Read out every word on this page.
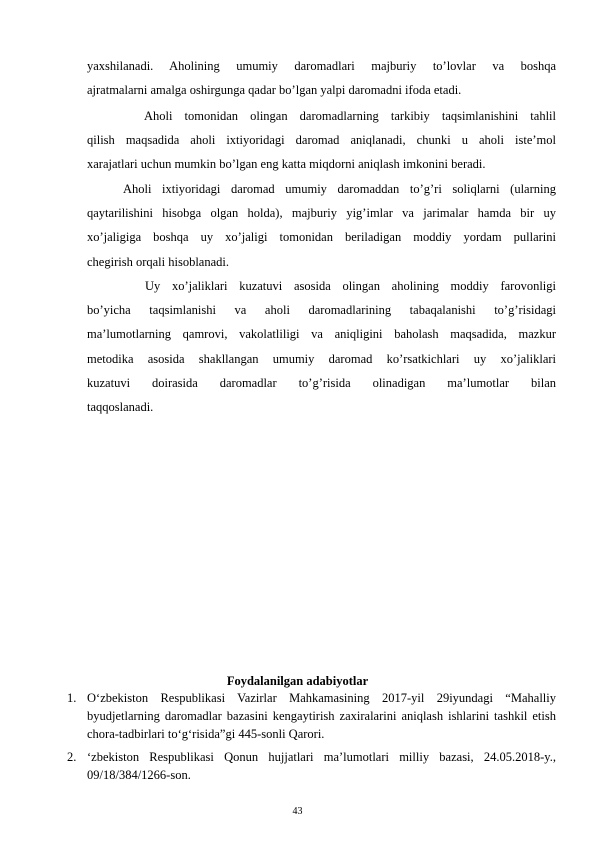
yaxshilanadi. Aholining umumiy daromadlari majburiy to’lovlar va boshqa
ajratmalarni amalga oshirgunga qadar bo’lgan yalpi daromadni ifoda etadi.
Aholi tomonidan olingan daromadlarning tarkibiy taqsimlanishini tahlil
qilish maqsadida aholi ixtiyoridagi daromad aniqlanadi, chunki u aholi iste’mol
xarajatlari uchun mumkin bo’lgan eng katta miqdorni aniqlash imkonini beradi.
Aholi ixtiyoridagi daromad umumiy daromaddan to’g’ri soliqlarni (ularning
qaytarilishini hisobga olgan holda), majburiy yig’imlar va jarimalar hamda bir uy
xo’jaligiga boshqa uy xo’jaligi tomonidan beriladigan moddiy yordam pullarini
chegirish orqali hisoblanadi.
Uy xo’jaliklari kuzatuvi asosida olingan aholining moddiy farovonligi
bo’yicha taqsimlanishi va aholi daromadlarining tabaqalanishi to’g’risidagi
ma’lumotlarning qamrovi, vakolatliligi va aniqligini baholash maqsadida, mazkur
metodika asosida shakllangan umumiy daromad ko’rsatkichlari uy xo’jaliklari
kuzatuvi doirasida daromadlar to’g’risida olinadigan ma’lumotlar bilan
taqqoslanadi.
Foydalanilgan adabiyotlar
1. O‘zbekiston Respublikasi Vazirlar Mahkamasining 2017-yil 29iyundagi “Mahalliy byudjetlarning daromadlar bazasini kengaytirish zaxiralarini aniqlash ishlarini tashkil etish chora-tadbirlari to‘g‘risida”gi 445-sonli Qarori.
2. ‘zbekiston Respublikasi Qonun hujjatlari ma’lumotlari milliy bazasi, 24.05.2018-y., 09/18/384/1266-son.
43
